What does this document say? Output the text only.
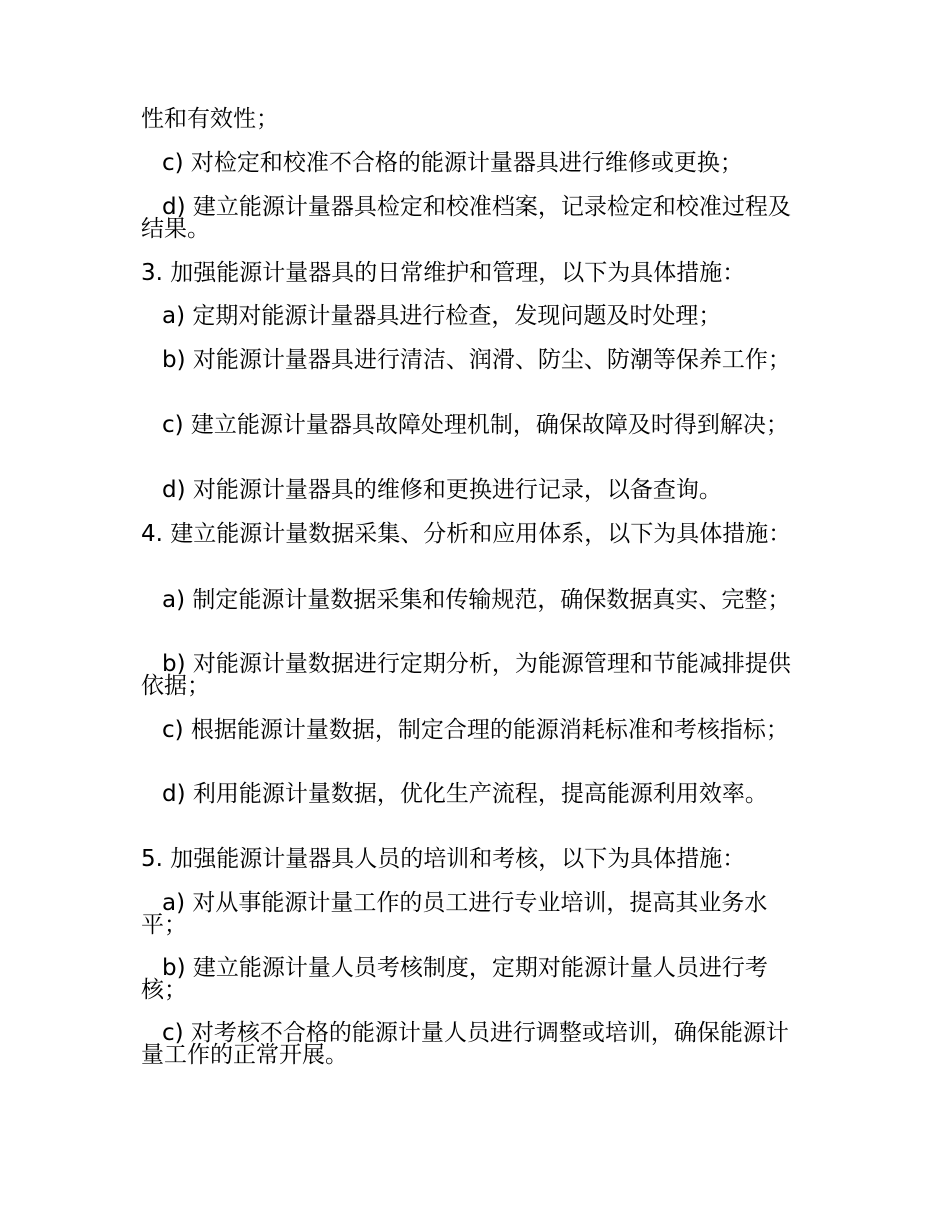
性和有效性；

c) 对检定和校准不合格的能源计量器具进行维修或更换；

d) 建立能源计量器具检定和校准档案，记录检定和校准过程及结果。

3. 加强能源计量器具的日常维护和管理，以下为具体措施：

a) 定期对能源计量器具进行检查，发现问题及时处理；

b) 对能源计量器具进行清洁、润滑、防尘、防潮等保养工作；

c) 建立能源计量器具故障处理机制，确保故障及时得到解决；

d) 对能源计量器具的维修和更换进行记录，以备查询。

4. 建立能源计量数据采集、分析和应用体系，以下为具体措施：

a) 制定能源计量数据采集和传输规范，确保数据真实、完整；

b) 对能源计量数据进行定期分析，为能源管理和节能减排提供依据；

c) 根据能源计量数据，制定合理的能源消耗标准和考核指标；

d) 利用能源计量数据，优化生产流程，提高能源利用效率。

5. 加强能源计量器具人员的培训和考核，以下为具体措施：

a) 对从事能源计量工作的员工进行专业培训，提高其业务水平；

b) 建立能源计量人员考核制度，定期对能源计量人员进行考核；

c) 对考核不合格的能源计量人员进行调整或培训，确保能源计量工作的正常开展。
